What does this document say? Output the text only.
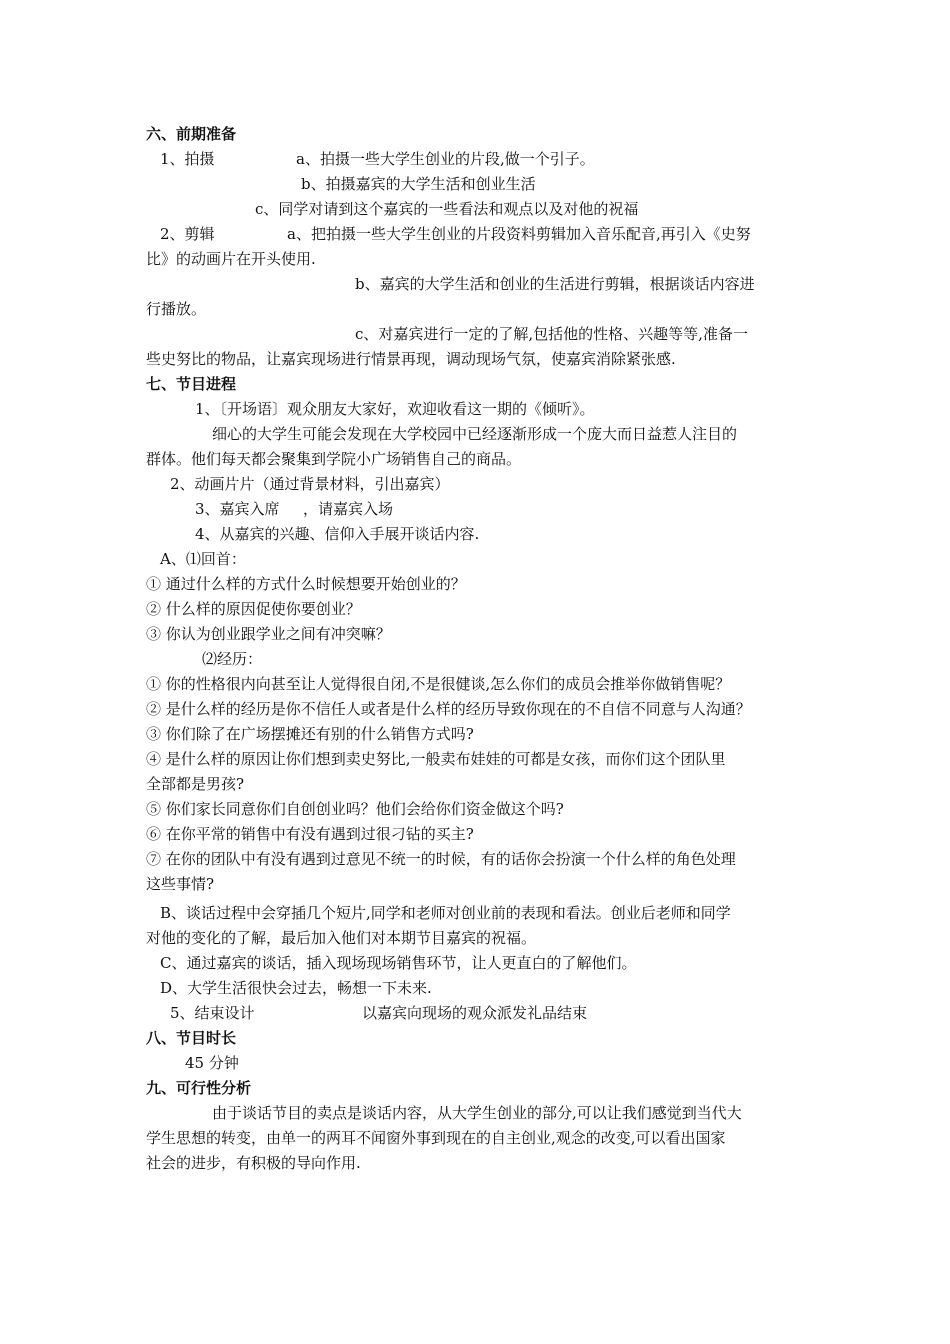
六、前期准备
1、拍摄	a、拍摄一些大学生创业的片段,做一个引子。
b、拍摄嘉宾的大学生活和创业生活
c、同学对请到这个嘉宾的一些看法和观点以及对他的祝福
2、剪辑	a、把拍摄一些大学生创业的片段资料剪辑加入音乐配音,再引入《史努
比》的动画片在开头使用.
b、嘉宾的大学生活和创业的生活进行剪辑，根据谈话内容进
行播放。
c、对嘉宾进行一定的了解,包括他的性格、兴趣等等,准备一
些史努比的物品，让嘉宾现场进行情景再现，调动现场气氛，使嘉宾消除紧张感.
七、节目进程
1、〔开场语〕观众朋友大家好，欢迎收看这一期的《倾听》。
细心的大学生可能会发现在大学校园中已经逐渐形成一个庞大而日益惹人注目的
群体。他们每天都会聚集到学院小广场销售自己的商品。
2、动画片片（通过背景材料，引出嘉宾）
3、嘉宾入席 ，请嘉宾入场
4、从嘉宾的兴趣、信仰入手展开谈话内容.
A、⑴回首：
① 通过什么样的方式什么时候想要开始创业的？
② 什么样的原因促使你要创业？
③ 你认为创业跟学业之间有冲突嘛？
⑵经历：
① 你的性格很内向甚至让人觉得很自闭,不是很健谈,怎么你们的成员会推举你做销售呢？
② 是什么样的经历是你不信任人或者是什么样的经历导致你现在的不自信不同意与人沟通？
③ 你们除了在广场摆摊还有别的什么销售方式吗?
④ 是什么样的原因让你们想到卖史努比,一般卖布娃娃的可都是女孩，而你们这个团队里
全部都是男孩?
⑤ 你们家长同意你们自创创业吗？他们会给你们资金做这个吗?
⑥ 在你平常的销售中有没有遇到过很刁钻的买主?
⑦ 在你的团队中有没有遇到过意见不统一的时候，有的话你会扮演一个什么样的角色处理
这些事情?
B、谈话过程中会穿插几个短片,同学和老师对创业前的表现和看法。创业后老师和同学
对他的变化的了解，最后加入他们对本期节目嘉宾的祝福。
C、通过嘉宾的谈话，插入现场现场销售环节，让人更直白的了解他们。
D、大学生活很快会过去，畅想一下未来.
5、结束设计	以嘉宾向现场的观众派发礼品结束
八、节目时长
45 分钟
九、可行性分析
由于谈话节目的卖点是谈话内容，从大学生创业的部分,可以让我们感觉到当代大
学生思想的转变，由单一的两耳不闻窗外事到现在的自主创业,观念的改变,可以看出国家
社会的进步，有积极的导向作用.
